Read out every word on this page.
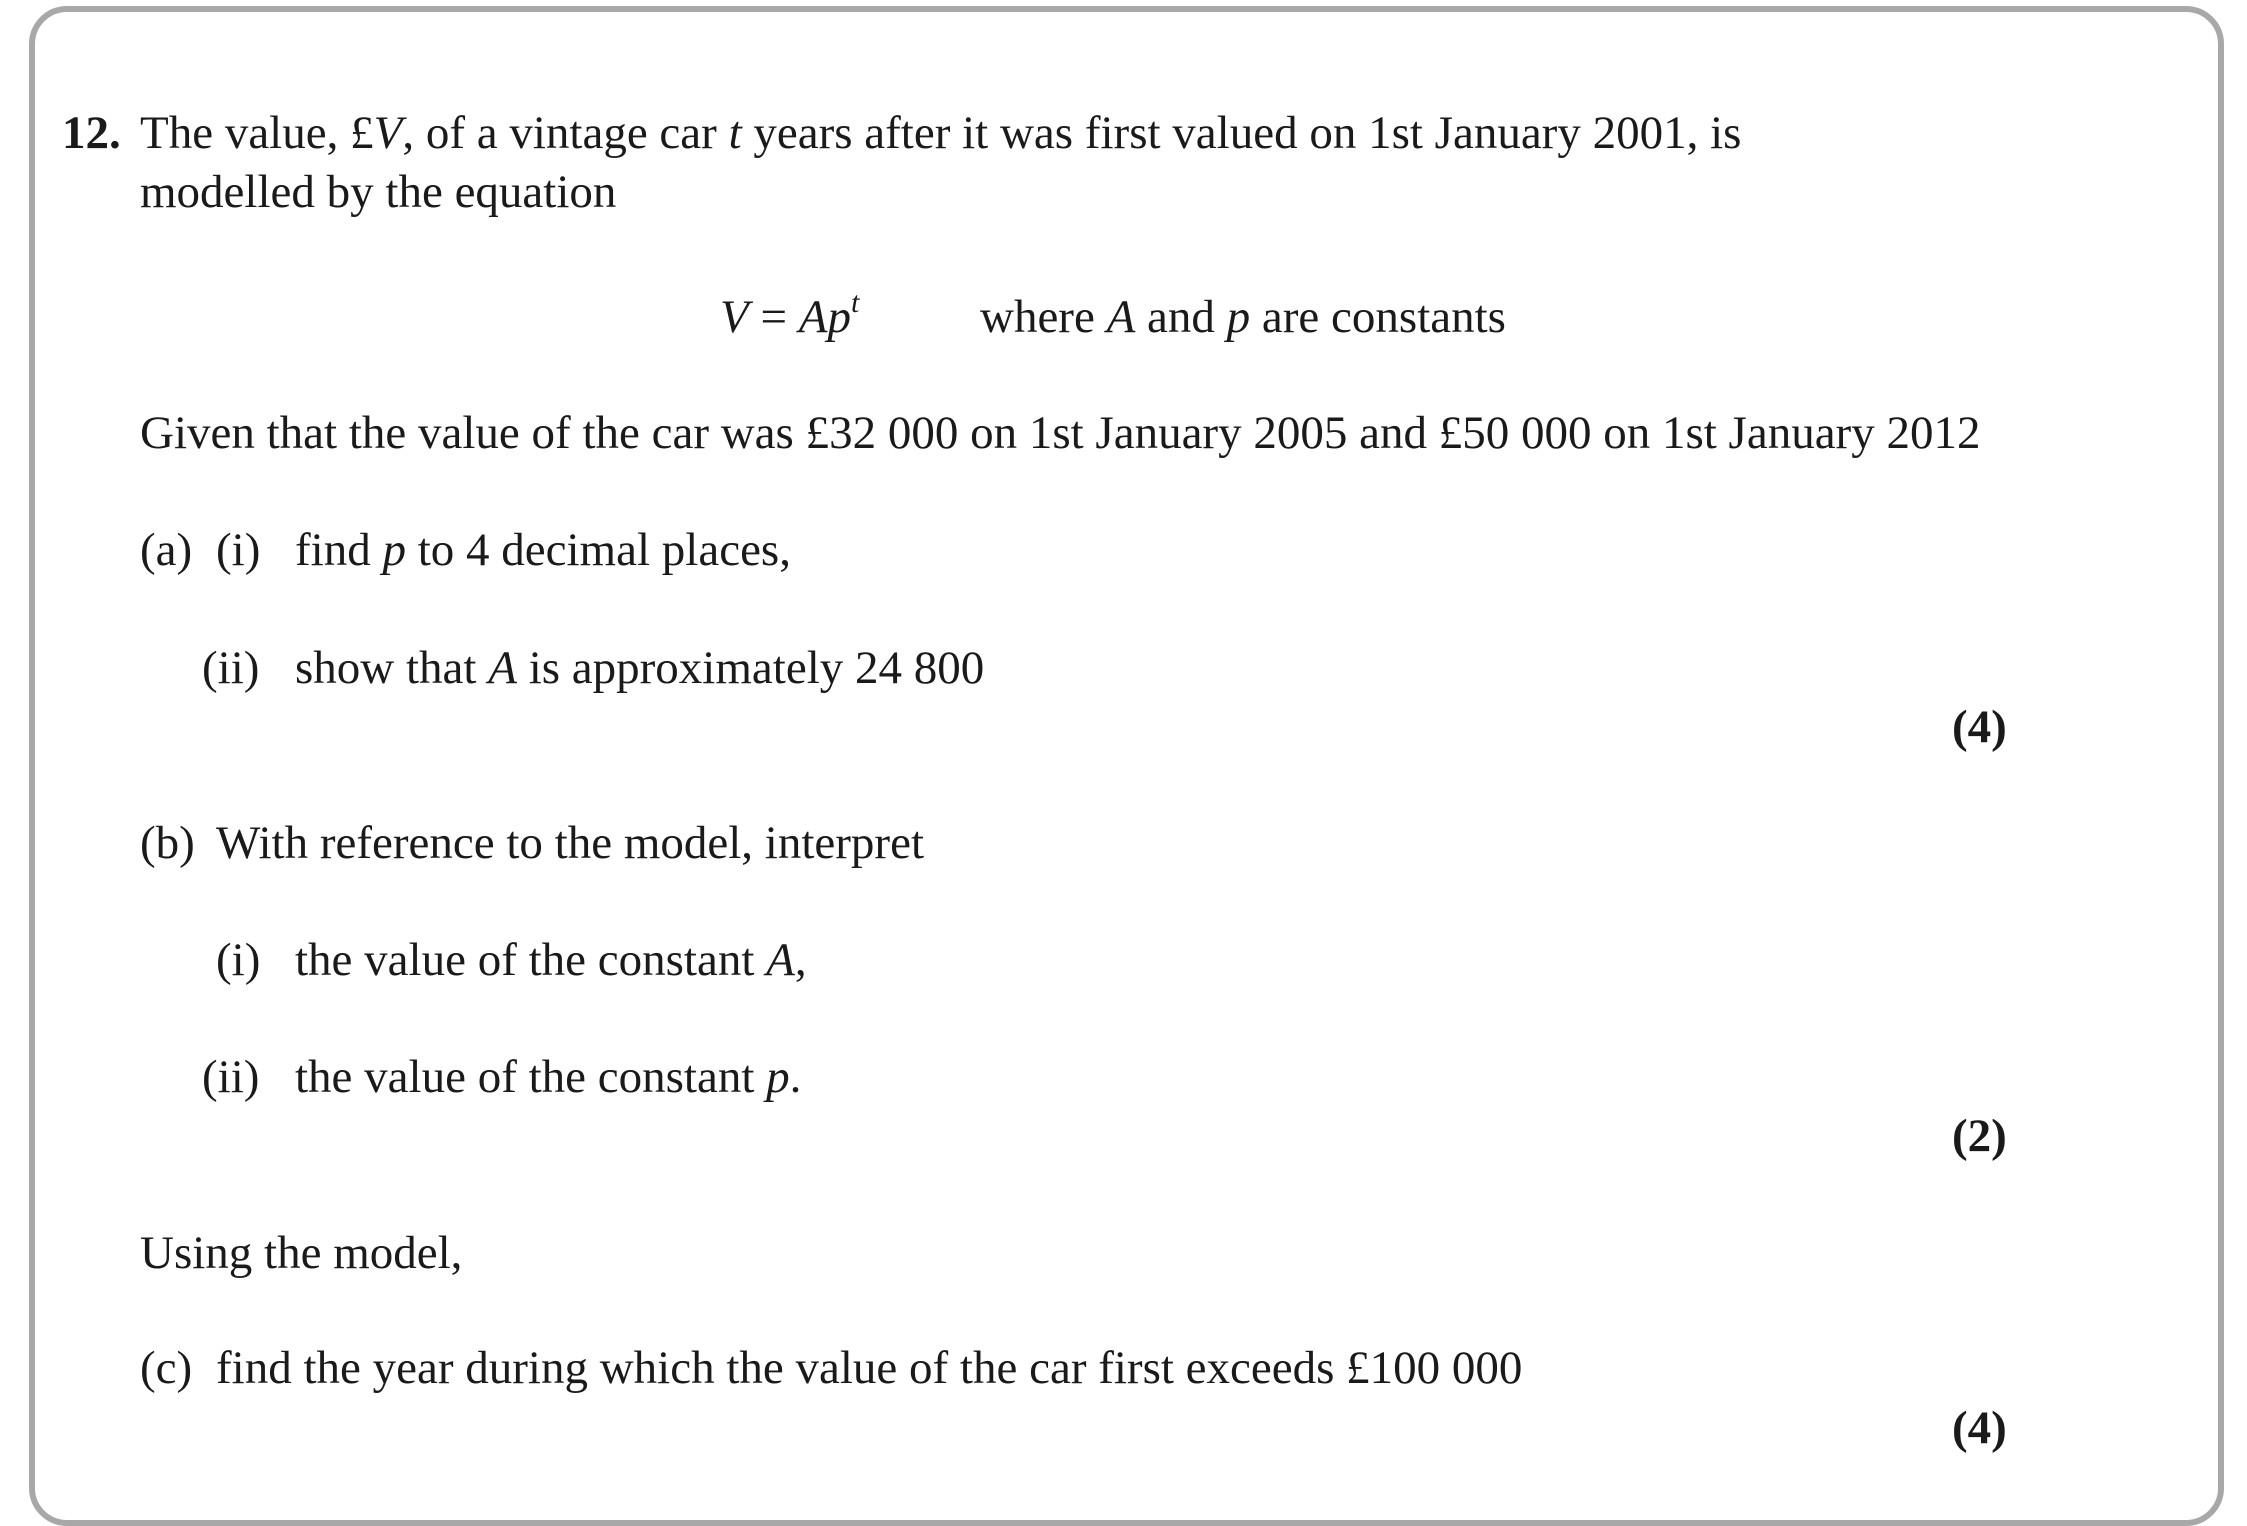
12. The value, £V, of a vintage car t years after it was first valued on 1st January 2001, is
modelled by the equation
$V = Ap^t$	where A and p are constants
Given that the value of the car was £32 000 on 1st January 2005 and £50 000 on 1st January 2012
(a) (i) find p to 4 decimal places,
(ii) show that A is approximately 24 800
(4)
(b) With reference to the model, interpret
(i) the value of the constant A,
(ii) the value of the constant p.
(2)
Using the model,
(c) find the year during which the value of the car first exceeds £100 000
(4)
